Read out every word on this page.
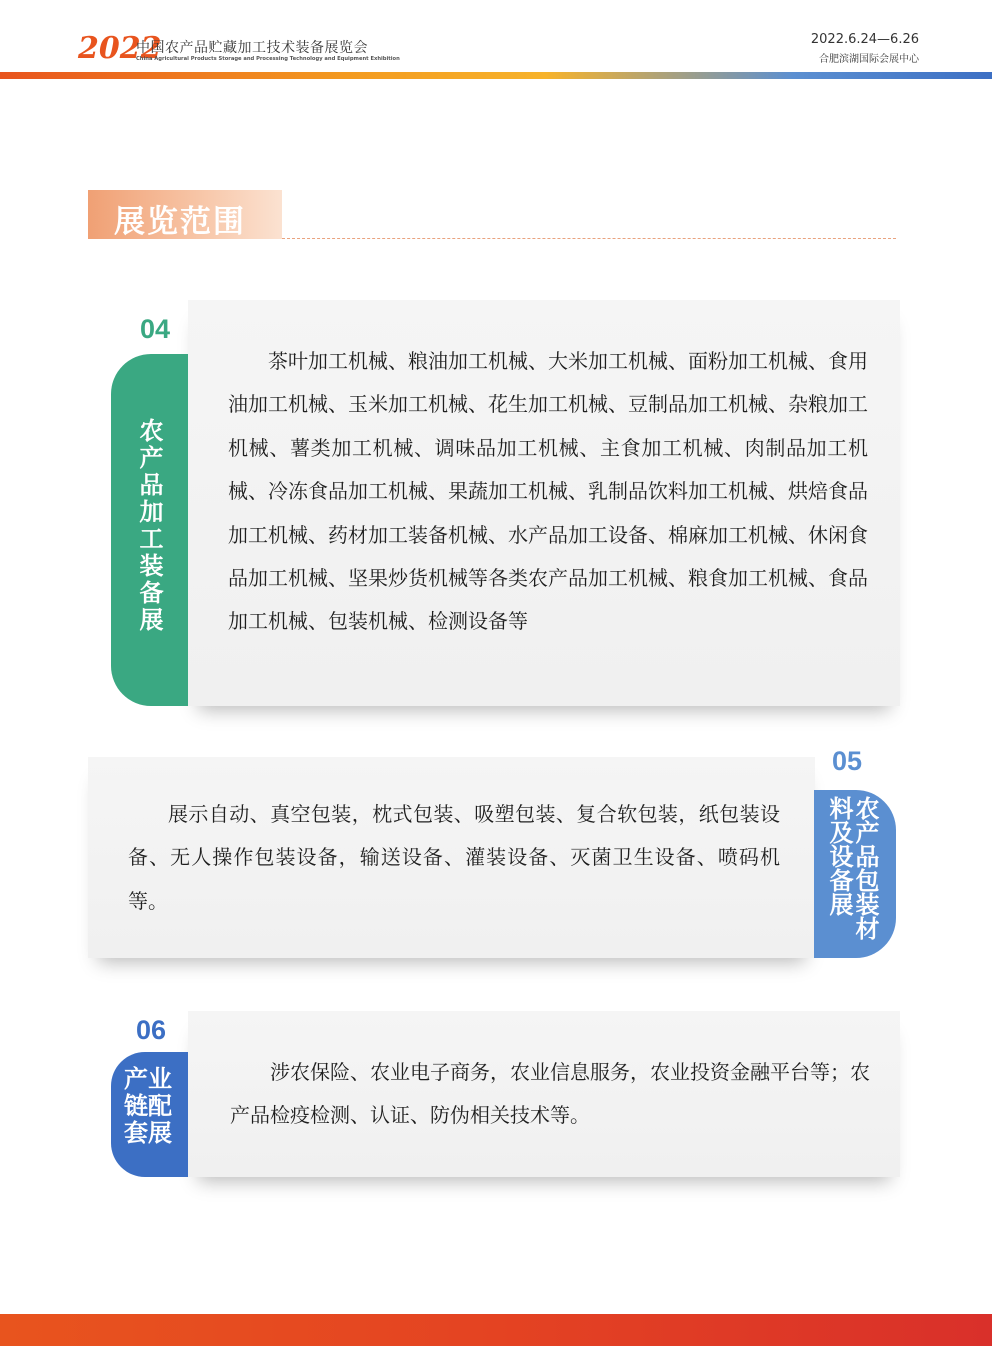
2022
中国农产品贮藏加工技术装备展览会
China Agricultural Products Storage and Processing Technology and Equipment Exhibition
2022.6.24—6.26
合肥滨湖国际会展中心
展览范围
04

茶叶加工机械、粮油加工机械、大米加工机械、面粉加工机械、食用油加工机械、玉米加工机械、花生加工机械、豆制品加工机械、杂粮加工机械、薯类加工机械、调味品加工机械、主食加工机械、肉制品加工机械、冷冻食品加工机械、果蔬加工机械、乳制品饮料加工机械、烘焙食品加工机械、药材加工装备机械、水产品加工设备、棉麻加工机械、休闲食品加工机械、坚果炒货机械等各类农产品加工机械、粮食加工机械、食品加工机械、包装机械、检测设备等

农产品加工装备展
05

展示自动、真空包装，枕式包装、吸塑包装、复合软包装，纸包装设备、无人操作包装设备，输送设备、灌装设备、灭菌卫生设备、喷码机等。	农产品包装材料及设备展
06

涉农保险、农业电子商务，农业信息服务，农业投资金融平台等；农产品检疫检测、认证、防伪相关技术等。

产业链配套展
